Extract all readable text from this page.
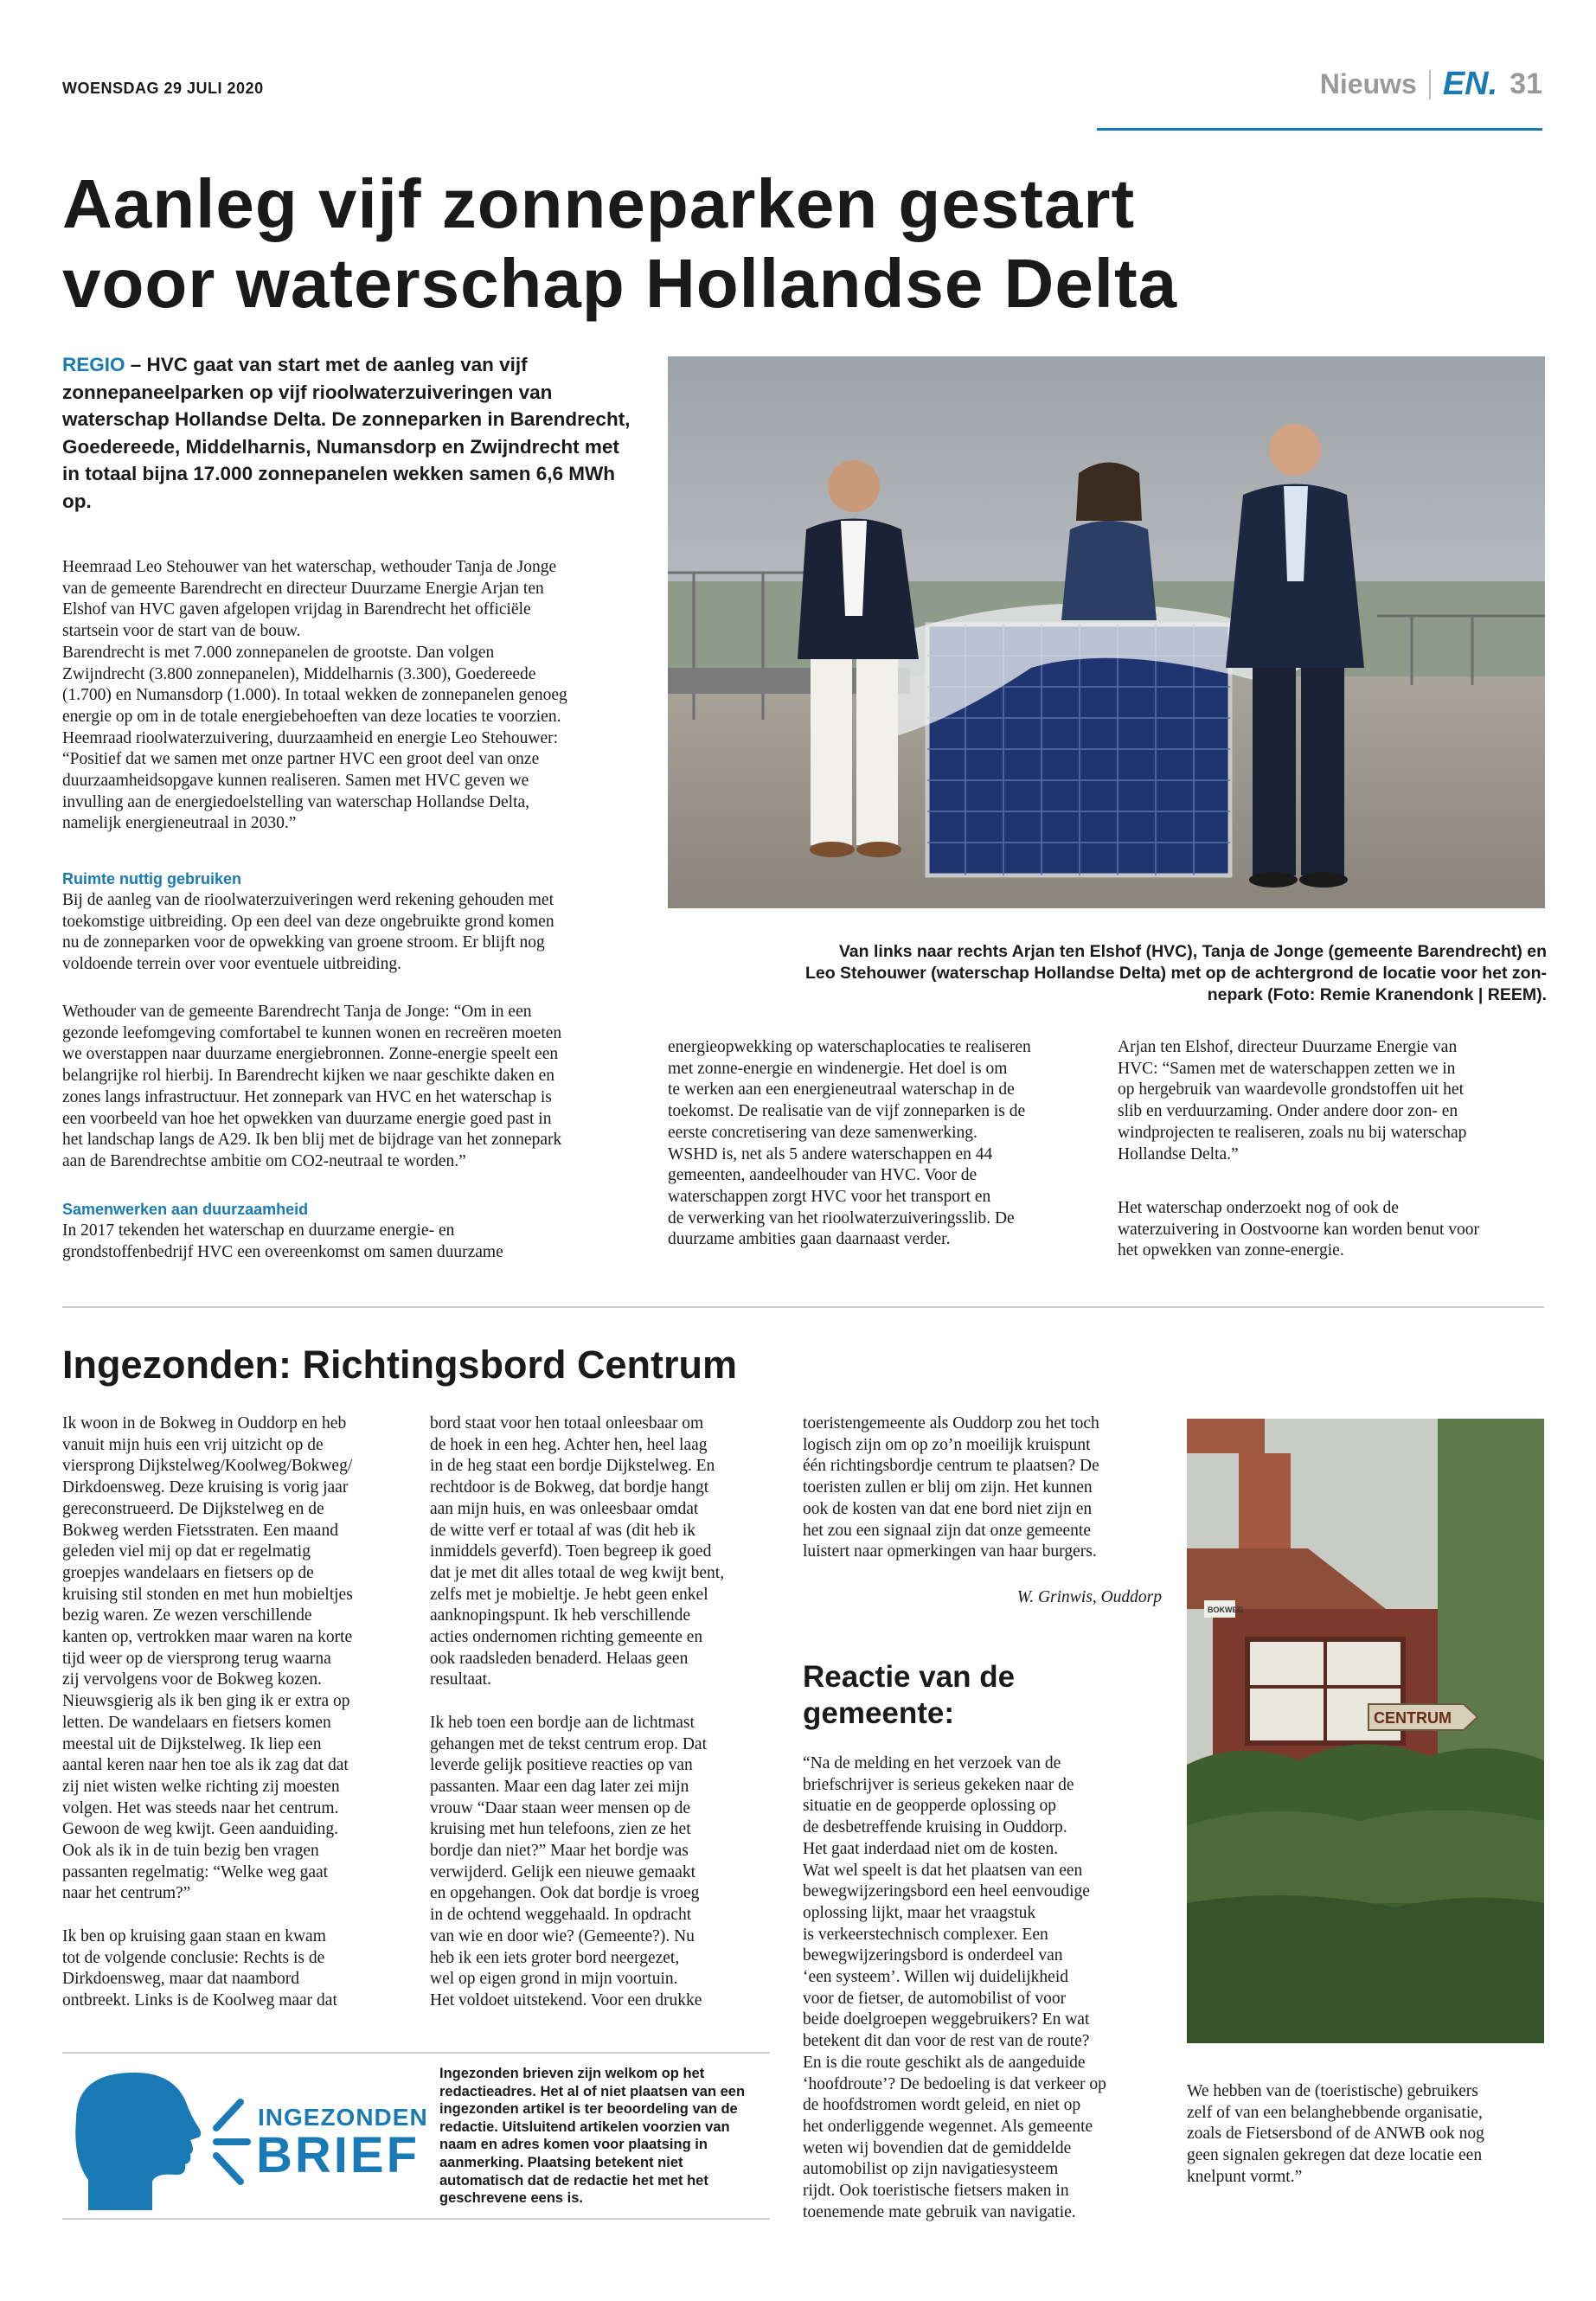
WOENSDAG 29 JULI 2020	Nieuws EN. 31
Aanleg vijf zonneparken gestart
voor waterschap Hollandse Delta
REGIO – HVC gaat van start met de aanleg van vijf zonnepaneelparken op vijf rioolwaterzuiveringen van waterschap Hollandse Delta. De zonneparken in Barendrecht, Goedereede, Middelharnis, Numansdorp en Zwijndrecht met in totaal bijna 17.000 zonnepanelen wekken samen 6,6 MWh op.
Heemraad Leo Stehouwer van het waterschap, wethouder Tanja de Jonge
van de gemeente Barendrecht en directeur Duurzame Energie Arjan ten
Elshof van HVC gaven afgelopen vrijdag in Barendrecht het officiële
startsein voor de start van de bouw.
Barendrecht is met 7.000 zonnepanelen de grootste. Dan volgen
Zwijndrecht (3.800 zonnepanelen), Middelharnis (3.300), Goedereede
(1.700) en Numansdorp (1.000). In totaal wekken de zonnepanelen genoeg
energie op om in de totale energiebehoeften van deze locaties te voorzien.
Heemraad rioolwaterzuivering, duurzaamheid en energie Leo Stehouwer:
“Positief dat we samen met onze partner HVC een groot deel van onze
duurzaamheidsopgave kunnen realiseren. Samen met HVC geven we
invulling aan de energiedoelstelling van waterschap Hollandse Delta,
namelijk energieneutraal in 2030.”
Ruimte nuttig gebruiken
Bij de aanleg van de rioolwaterzuiveringen werd rekening gehouden met
toekomstige uitbreiding. Op een deel van deze ongebruikte grond komen
nu de zonneparken voor de opwekking van groene stroom. Er blijft nog
voldoende terrein over voor eventuele uitbreiding.
Wethouder van de gemeente Barendrecht Tanja de Jonge: “Om in een
gezonde leefomgeving comfortabel te kunnen wonen en recreëren moeten
we overstappen naar duurzame energiebronnen. Zonne-energie speelt een
belangrijke rol hierbij. In Barendrecht kijken we naar geschikte daken en
zones langs infrastructuur. Het zonnepark van HVC en het waterschap is
een voorbeeld van hoe het opwekken van duurzame energie goed past in
het landschap langs de A29. Ik ben blij met de bijdrage van het zonnepark
aan de Barendrechtse ambitie om CO2-neutraal te worden.”
Samenwerken aan duurzaamheid
In 2017 tekenden het waterschap en duurzame energie- en
grondstoffenbedrijf HVC een overeenkomst om samen duurzame
Van links naar rechts Arjan ten Elshof (HVC), Tanja de Jonge (gemeente Barendrecht) en
Leo Stehouwer (waterschap Hollandse Delta) met op de achtergrond de locatie voor het zon-
nepark (Foto: Remie Kranendonk | REEM).
energieopwekking op waterschaplocaties te realiseren
met zonne-energie en windenergie. Het doel is om
te werken aan een energieneutraal waterschap in de
toekomst. De realisatie van de vijf zonneparken is de
eerste concretisering van deze samenwerking.
WSHD is, net als 5 andere waterschappen en 44
gemeenten, aandeelhouder van HVC. Voor de
waterschappen zorgt HVC voor het transport en
de verwerking van het rioolwaterzuiveringsslib. De
duurzame ambities gaan daarnaast verder.
Arjan ten Elshof, directeur Duurzame Energie van
HVC: “Samen met de waterschappen zetten we in
op hergebruik van waardevolle grondstoffen uit het
slib en verduurzaming. Onder andere door zon- en
windprojecten te realiseren, zoals nu bij waterschap
Hollandse Delta.”
Het waterschap onderzoekt nog of ook de
waterzuivering in Oostvoorne kan worden benut voor
het opwekken van zonne-energie.
Ingezonden: Richtingsbord Centrum
Ik woon in de Bokweg in Ouddorp en heb
vanuit mijn huis een vrij uitzicht op de
viersprong Dijkstelweg/Koolweg/Bokweg/
Dirkdoensweg. Deze kruising is vorig jaar
gereconstrueerd. De Dijkstelweg en de
Bokweg werden Fietsstraten. Een maand
geleden viel mij op dat er regelmatig
groepjes wandelaars en fietsers op de
kruising stil stonden en met hun mobieltjes
bezig waren. Ze wezen verschillende
kanten op, vertrokken maar waren na korte
tijd weer op de viersprong terug waarna
zij vervolgens voor de Bokweg kozen.
Nieuwsgierig als ik ben ging ik er extra op
letten. De wandelaars en fietsers komen
meestal uit de Dijkstelweg. Ik liep een
aantal keren naar hen toe als ik zag dat dat
zij niet wisten welke richting zij moesten
volgen. Het was steeds naar het centrum.
Gewoon de weg kwijt. Geen aanduiding.
Ook als ik in de tuin bezig ben vragen
passanten regelmatig: “Welke weg gaat
naar het centrum?”

Ik ben op kruising gaan staan en kwam
tot de volgende conclusie: Rechts is de
Dirkdoensweg, maar dat naambord
ontbreekt. Links is de Koolweg maar dat
bord staat voor hen totaal onleesbaar om
de hoek in een heg. Achter hen, heel laag
in de heg staat een bordje Dijkstelweg. En
rechtdoor is de Bokweg, dat bordje hangt
aan mijn huis, en was onleesbaar omdat
de witte verf er totaal af was (dit heb ik
inmiddels geverfd). Toen begreep ik goed
dat je met dit alles totaal de weg kwijt bent,
zelfs met je mobieltje. Je hebt geen enkel
aanknopingspunt. Ik heb verschillende
acties ondernomen richting gemeente en
ook raadsleden benaderd. Helaas geen
resultaat.

Ik heb toen een bordje aan de lichtmast
gehangen met de tekst centrum erop. Dat
leverde gelijk positieve reacties op van
passanten. Maar een dag later zei mijn
vrouw “Daar staan weer mensen op de
kruising met hun telefoons, zien ze het
bordje dan niet?” Maar het bordje was
verwijderd. Gelijk een nieuwe gemaakt
en opgehangen. Ook dat bordje is vroeg
in de ochtend weggehaald. In opdracht
van wie en door wie? (Gemeente?). Nu
heb ik een iets groter bord neergezet,
wel op eigen grond in mijn voortuin.
Het voldoet uitstekend. Voor een drukke
toeristengemeente als Ouddorp zou het toch
logisch zijn om op zo’n moeilijk kruispunt
één richtingsbordje centrum te plaatsen? De
toeristen zullen er blij om zijn. Het kunnen
ook de kosten van dat ene bord niet zijn en
het zou een signaal zijn dat onze gemeente
luistert naar opmerkingen van haar burgers.
W. Grinwis, Ouddorp
Reactie van de gemeente:
“Na de melding en het verzoek van de
briefschrijver is serieus gekeken naar de
situatie en de geopperde oplossing op
de desbetreffende kruising in Ouddorp.
Het gaat inderdaad niet om de kosten.
Wat wel speelt is dat het plaatsen van een
bewegwijzeringsbord een heel eenvoudige
oplossing lijkt, maar het vraagstuk
is verkeerstechnisch complexer. Een
bewegwijzeringsbord is onderdeel van
‘een systeem’. Willen wij duidelijkheid
voor de fietser, de automobilist of voor
beide doelgroepen weggebruikers? En wat
betekent dit dan voor de rest van de route?
En is die route geschikt als de aangeduide
‘hoofdroute’? De bedoeling is dat verkeer op
de hoofdstromen wordt geleid, en niet op
het onderliggende wegennet. Als gemeente
weten wij bovendien dat de gemiddelde
automobilist op zijn navigatiesysteem
rijdt. Ook toeristische fietsers maken in
toenemende mate gebruik van navigatie.
BOKWEG
CENTRUM
We hebben van de (toeristische) gebruikers
zelf of van een belanghebbende organisatie,
zoals de Fietsersbond of de ANWB ook nog
geen signalen gekregen dat deze locatie een
knelpunt vormt.”
INGEZONDEN
BRIEF
Ingezonden brieven zijn welkom op het redactieadres. Het al of niet plaatsen van een ingezonden artikel is ter beoordeling van de redactie. Uitsluitend artikelen voorzien van naam en adres komen voor plaatsing in aanmerking. Plaatsing betekent niet automatisch dat de redactie het met het geschrevene eens is.
